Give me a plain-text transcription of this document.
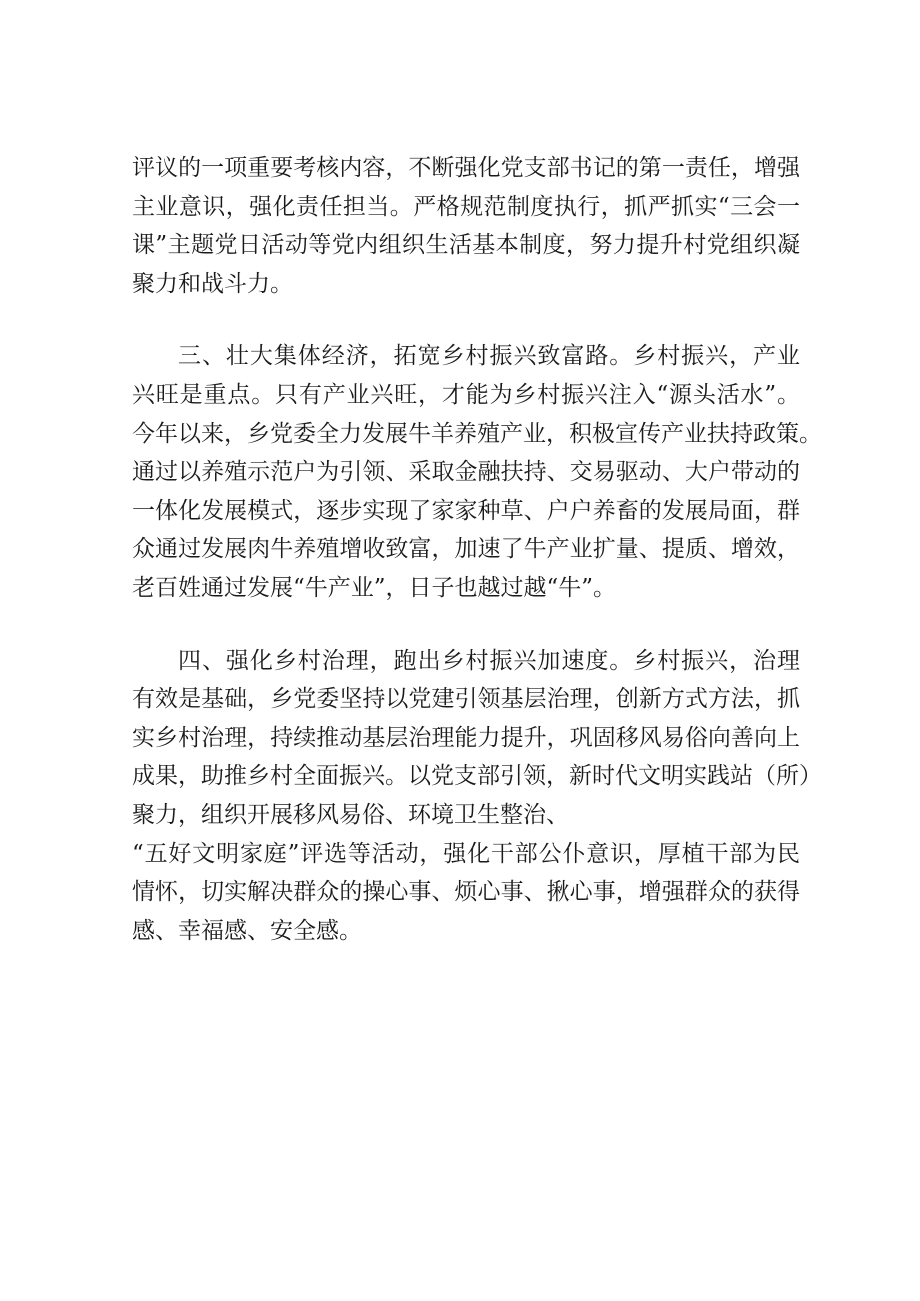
评议的一项重要考核内容，不断强化党支部书记的第一责任，增强
主业意识，强化责任担当。严格规范制度执行，抓严抓实“三会一
课”主题党日活动等党内组织生活基本制度，努力提升村党组织凝
聚力和战斗力。
三、壮大集体经济，拓宽乡村振兴致富路。乡村振兴，产业
兴旺是重点。只有产业兴旺，才能为乡村振兴注入“源头活水”。
今年以来，乡党委全力发展牛羊养殖产业，积极宣传产业扶持政策。
通过以养殖示范户为引领、采取金融扶持、交易驱动、大户带动的
一体化发展模式，逐步实现了家家种草、户户养畜的发展局面，群
众通过发展肉牛养殖增收致富，加速了牛产业扩量、提质、增效，
老百姓通过发展“牛产业”，日子也越过越“牛”。
四、强化乡村治理，跑出乡村振兴加速度。乡村振兴，治理
有效是基础，乡党委坚持以党建引领基层治理，创新方式方法，抓
实乡村治理，持续推动基层治理能力提升，巩固移风易俗向善向上
成果，助推乡村全面振兴。以党支部引领，新时代文明实践站（所）
聚力，组织开展移风易俗、环境卫生整治、
“五好文明家庭”评选等活动，强化干部公仆意识，厚植干部为民
情怀，切实解决群众的操心事、烦心事、揪心事，增强群众的获得
感、幸福感、安全感。
